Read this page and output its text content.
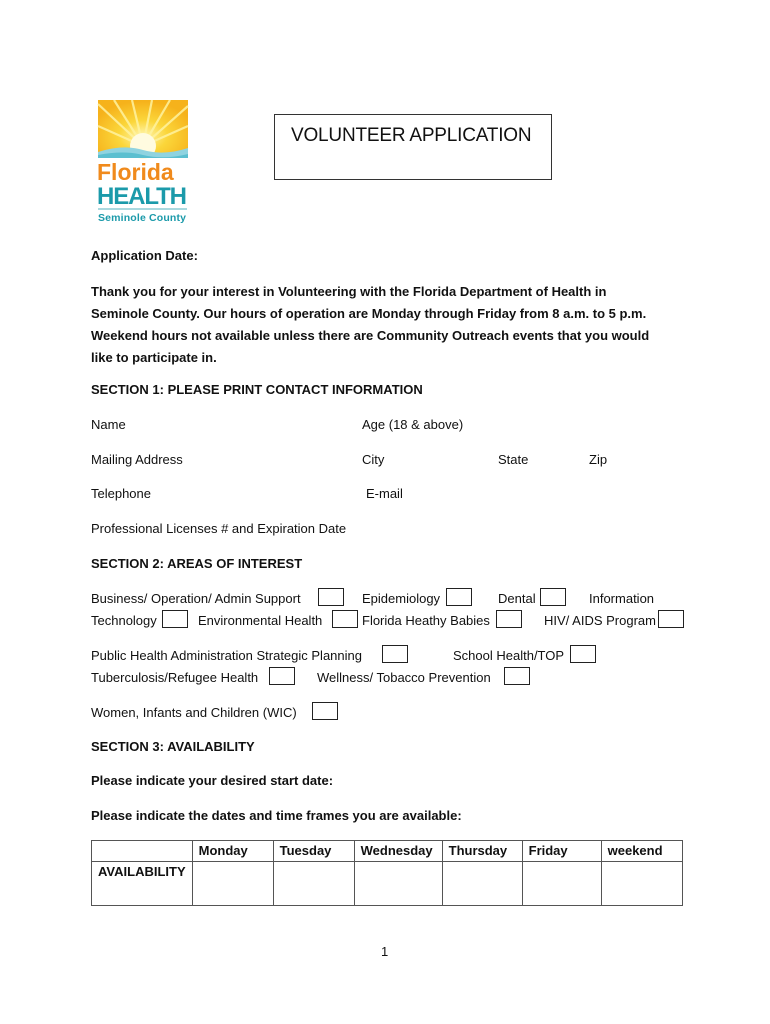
Florida
HEALTH
Seminole County
VOLUNTEER APPLICATION
Application Date:
Thank you for your interest in Volunteering with the Florida Department of Health in
Seminole County. Our hours of operation are Monday through Friday from 8 a.m. to 5 p.m.
Weekend hours not available unless there are Community Outreach events that you would
like to participate in.
SECTION 1: PLEASE PRINT CONTACT INFORMATION
Name	Age (18 & above)
Mailing Address	City	State	Zip
Telephone	E-mail
Professional Licenses # and Expiration Date
SECTION 2: AREAS OF INTEREST
Business/ Operation/ Admin Support	Epidemiology	Dental	Information
Technology	Environmental Health	Florida Heathy Babies	HIV/ AIDS Program
Public Health Administration Strategic Planning	School Health/TOP
Tuberculosis/Refugee Health	Wellness/ Tobacco Prevention
Women, Infants and Children (WIC)
SECTION 3: AVAILABILITY
Please indicate your desired start date:
Please indicate the dates and time frames you are available:
	Monday	Tuesday	Wednesday	Thursday	Friday	weekend
AVAILABILITY						
1
